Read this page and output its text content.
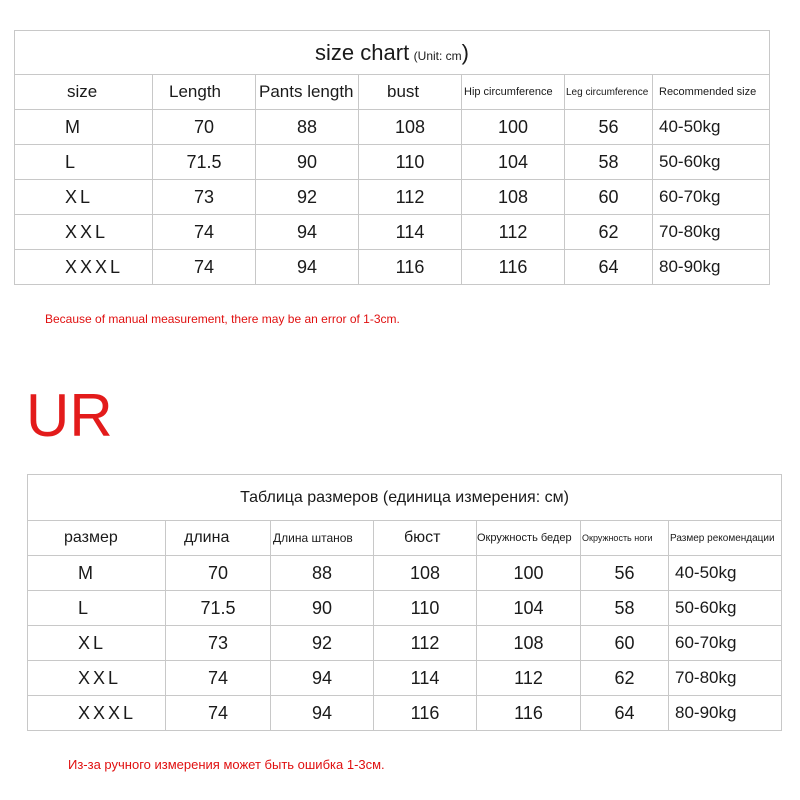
size chart (Unit: cm)						
size	Length	Pants length	bust	Hip circumference	Leg circumference	Recommended size
M	70	88	108	100	56	40-50kg
L	71.5	90	110	104	58	50-60kg
XL	73	92	112	108	60	60-70kg
XXL	74	94	114	112	62	70-80kg
XXXL	74	94	116	116	64	80-90kg
Because of manual measurement, there may be an error of 1-3cm.
UR
Таблица размеров (единица измерения: см)						
размер	длина	Длина штанов	бюст	Окружность бедер	Окружность ноги	Размер рекомендации
M	70	88	108	100	56	40-50kg
L	71.5	90	110	104	58	50-60kg
XL	73	92	112	108	60	60-70kg
XXL	74	94	114	112	62	70-80kg
XXXL	74	94	116	116	64	80-90kg
Из-за ручного измерения может быть ошибка 1-3см.
